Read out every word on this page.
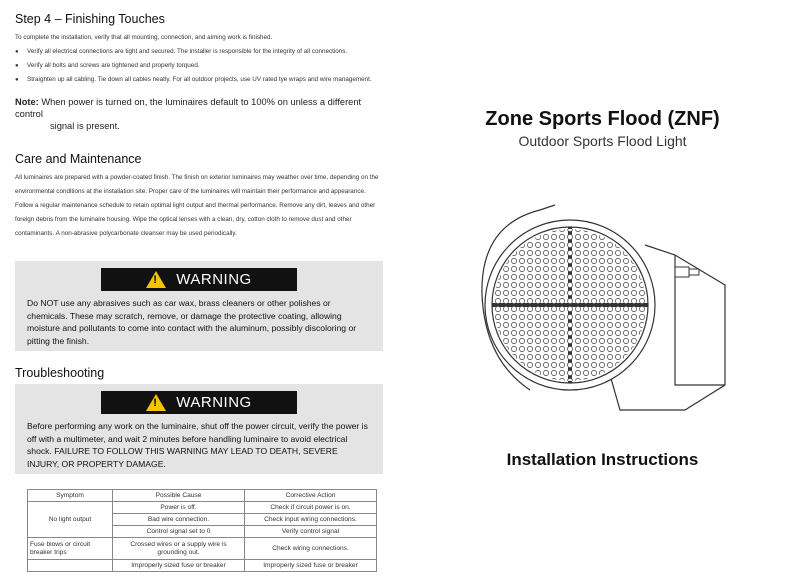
Step 4 – Finishing Touches

To complete the installation, verify that all mounting, connection, and aiming work is finished.

● Verify all electrical connections are tight and secured. The installer is responsible for the integrity of all connections.
● Verify all bolts and screws are tightened and properly torqued.
● Straighten up all cabling. Tie down all cables neatly. For all outdoor projects, use UV rated tye wraps and wire management.
Note: When power is turned on, the luminaires default to 100% on unless a different control
signal is present.
Care and Maintenance

All luminaires are prepared with a powder-coated finish. The finish on exterior luminaires may weather over time, depending on the environmental conditions at the installation site. Proper care of the luminaires will maintain their performance and appearance.

Follow a regular maintenance schedule to retain optimal light output and thermal performance. Remove any dirt, leaves and other foreign debris from the luminaire housing. Wipe the optical lenses with a clean, dry, cotton cloth to remove dust and other contaminants. A non-abrasive polycarbonate cleanser may be used periodically.

! WARNING
Do NOT use any abrasives such as car wax, brass cleaners or other polishes or chemicals. These may scratch, remove, or damage the protective coating, allowing moisture and pollutants to come into contact with the aluminum, possibly discoloring or pitting the finish.
Troubleshooting
! WARNING
Before performing any work on the luminaire, shut off the power circuit, verify the power is off with a multimeter, and wait 2 minutes before handling luminaire to avoid electrical shock. FAILURE TO FOLLOW THIS WARNING MAY LEAD TO DEATH, SEVERE INJURY, OR PROPERTY DAMAGE.
Symptom	Possible Cause	Corrective Action
No light output	Power is off.	Check if circuit power is on.
	Bad wire connection.	Check input wiring connections.
	Control signal set to 0	Verify control signal
Fuse blows or circuit breaker trips	Crossed wires or a supply wire is grounding out.	Check wiring connections.
	Improperly sized fuse or breaker	Improperly sized fuse or breaker
Zone Sports Flood (ZNF)
Outdoor Sports Flood Light
Installation Instructions
